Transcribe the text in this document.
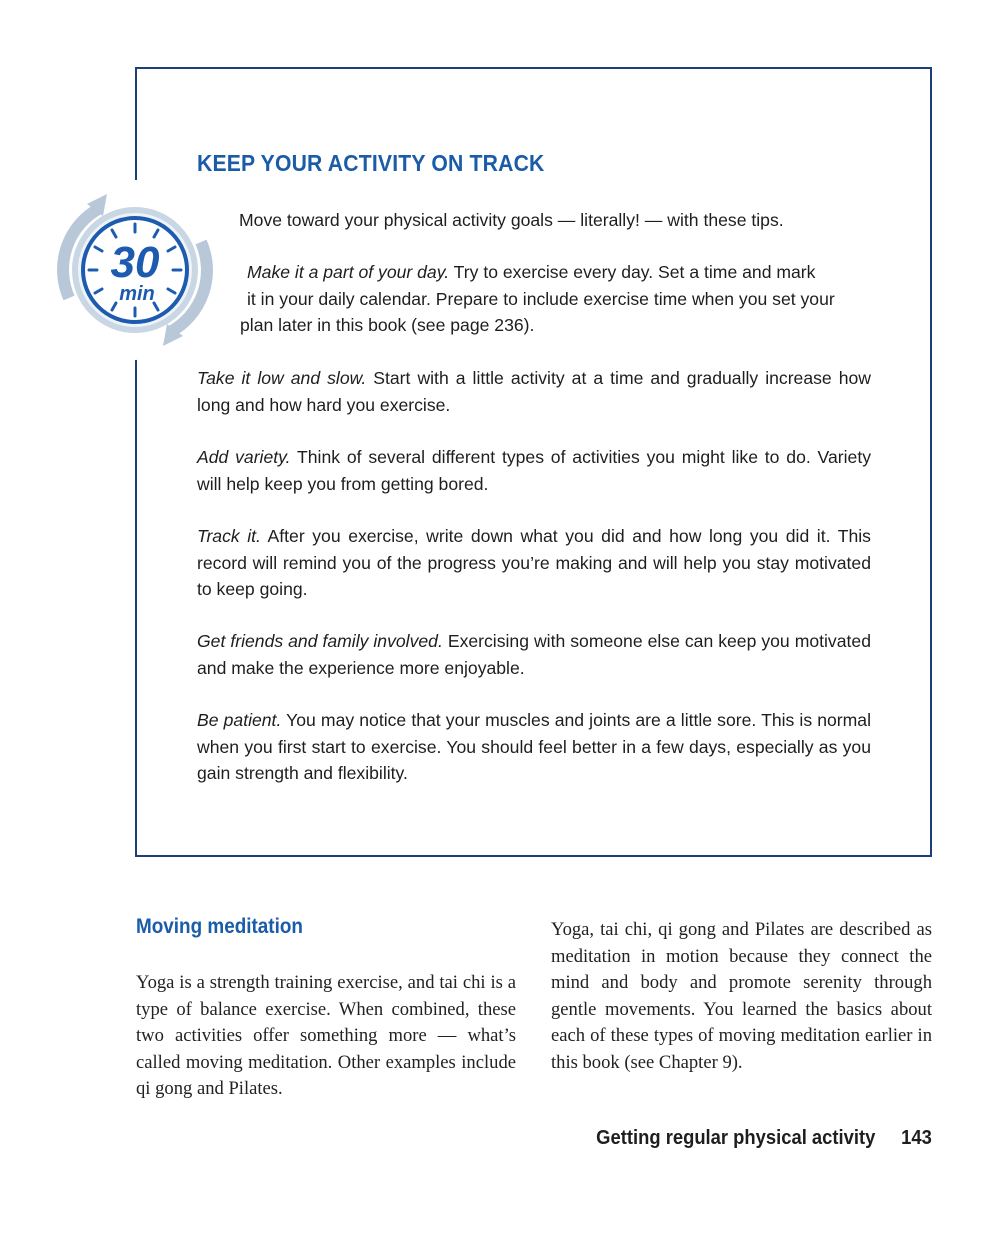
KEEP YOUR ACTIVITY ON TRACK
30
min

Move toward your physical activity goals — literally! — with these tips.

Make it a part of your day. Try to exercise every day. Set a time and mark

it in your daily calendar. Prepare to include exercise time when you set your

plan later in this book (see page 236).

Take it low and slow. Start with a little activity at a time and gradually increase how long and how hard you exercise.

Add variety. Think of several different types of activities you might like to do. Variety will help keep you from getting bored.

Track it. After you exercise, write down what you did and how long you did it. This record will remind you of the progress you’re making and will help you stay motivated to keep going.

Get friends and family involved. Exercising with someone else can keep you motivated and make the experience more enjoyable.

Be patient. You may notice that your muscles and joints are a little sore. This is normal when you first start to exercise. You should feel better in a few days, especially as you gain strength and flexibility.

Moving meditation

Yoga is a strength training exercise, and tai chi is a type of balance exercise. When combined, these two activities offer something more — what’s called moving meditation. Other examples include qi gong and Pilates.

Yoga, tai chi, qi gong and Pilates are described as meditation in motion because they connect the mind and body and promote serenity through gentle movements. You learned the basics about each of these types of moving meditation earlier in this book (see Chapter 9).

Getting regular physical activity 143
